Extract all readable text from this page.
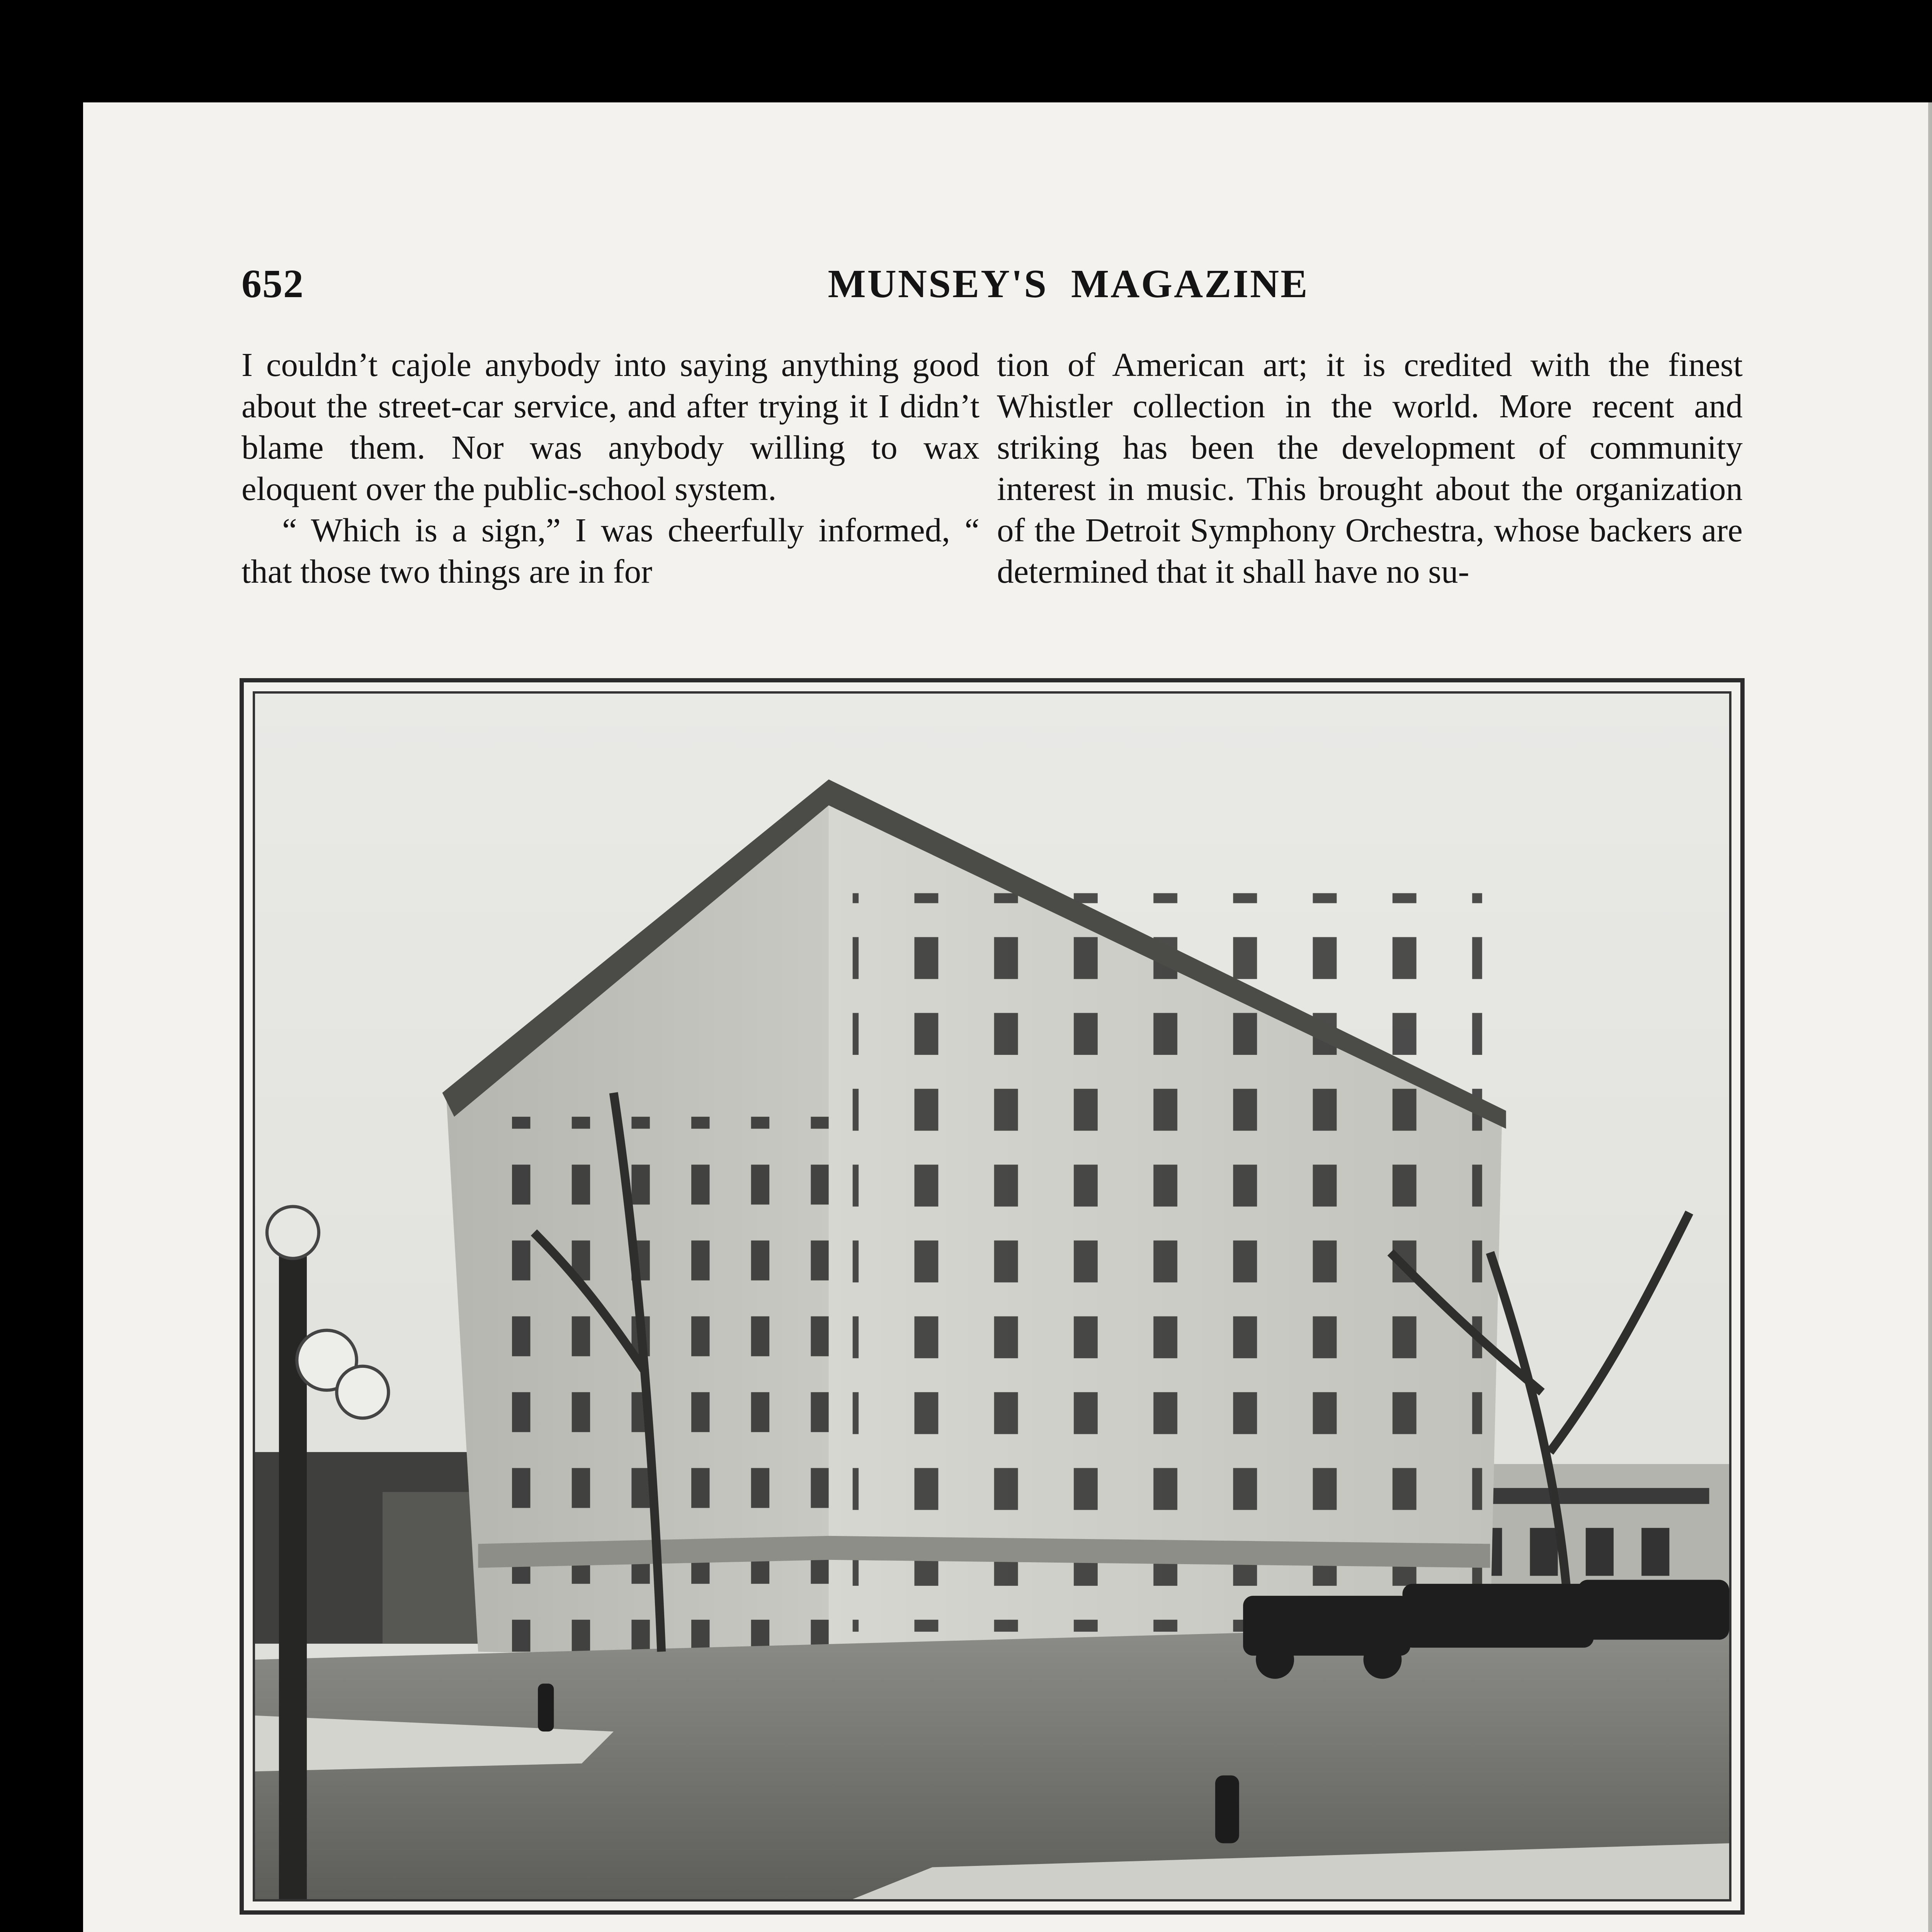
652	MUNSEY'S  MAGAZINE

I couldn’t cajole anybody into saying anything good about the street-car service, and after trying it I didn’t blame them. Nor was anybody willing to wax eloquent over the public-school system.

“ Which is a sign,” I was cheerfully informed, “ that those two things are in for

tion of American art; it is credited with the finest Whistler collection in the world. More recent and striking has been the development of community interest in music. This brought about the organization of the Detroit Symphony Orchestra, whose backers are determined that it shall have no su-
